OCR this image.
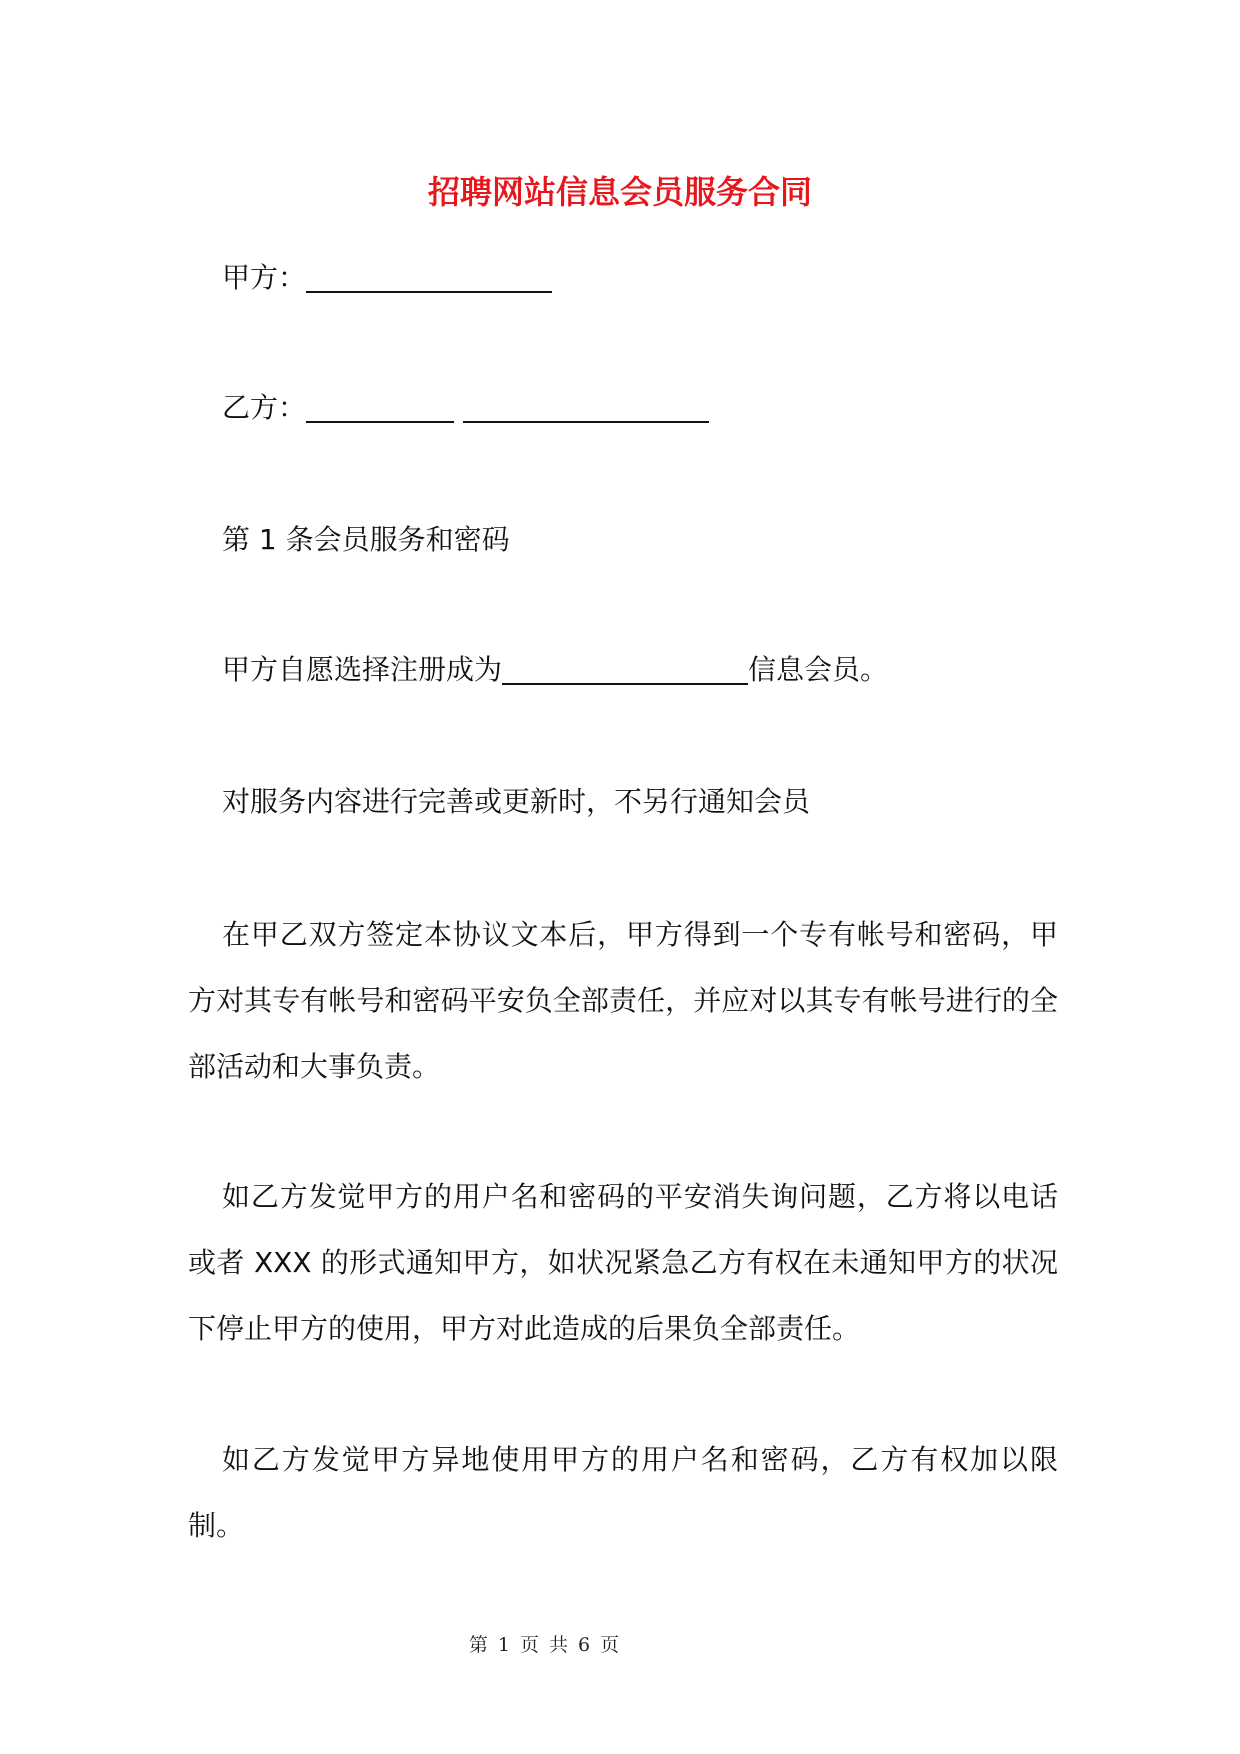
招聘网站信息会员服务合同

甲方：

乙方：

第 1 条会员服务和密码

甲方自愿选择注册成为	信息会员。

对服务内容进行完善或更新时，不另行通知会员

在甲乙双方签定本协议文本后，甲方得到一个专有帐号和密码，甲方对其专有帐号和密码平安负全部责任，并应对以其专有帐号进行的全部活动和大事负责。

如乙方发觉甲方的用户名和密码的平安消失询问题，乙方将以电话或者 XXX 的形式通知甲方，如状况紧急乙方有权在未通知甲方的状况下停止甲方的使用，甲方对此造成的后果负全部责任。

如乙方发觉甲方异地使用甲方的用户名和密码，乙方有权加以限制。

第 1 页 共 6 页
